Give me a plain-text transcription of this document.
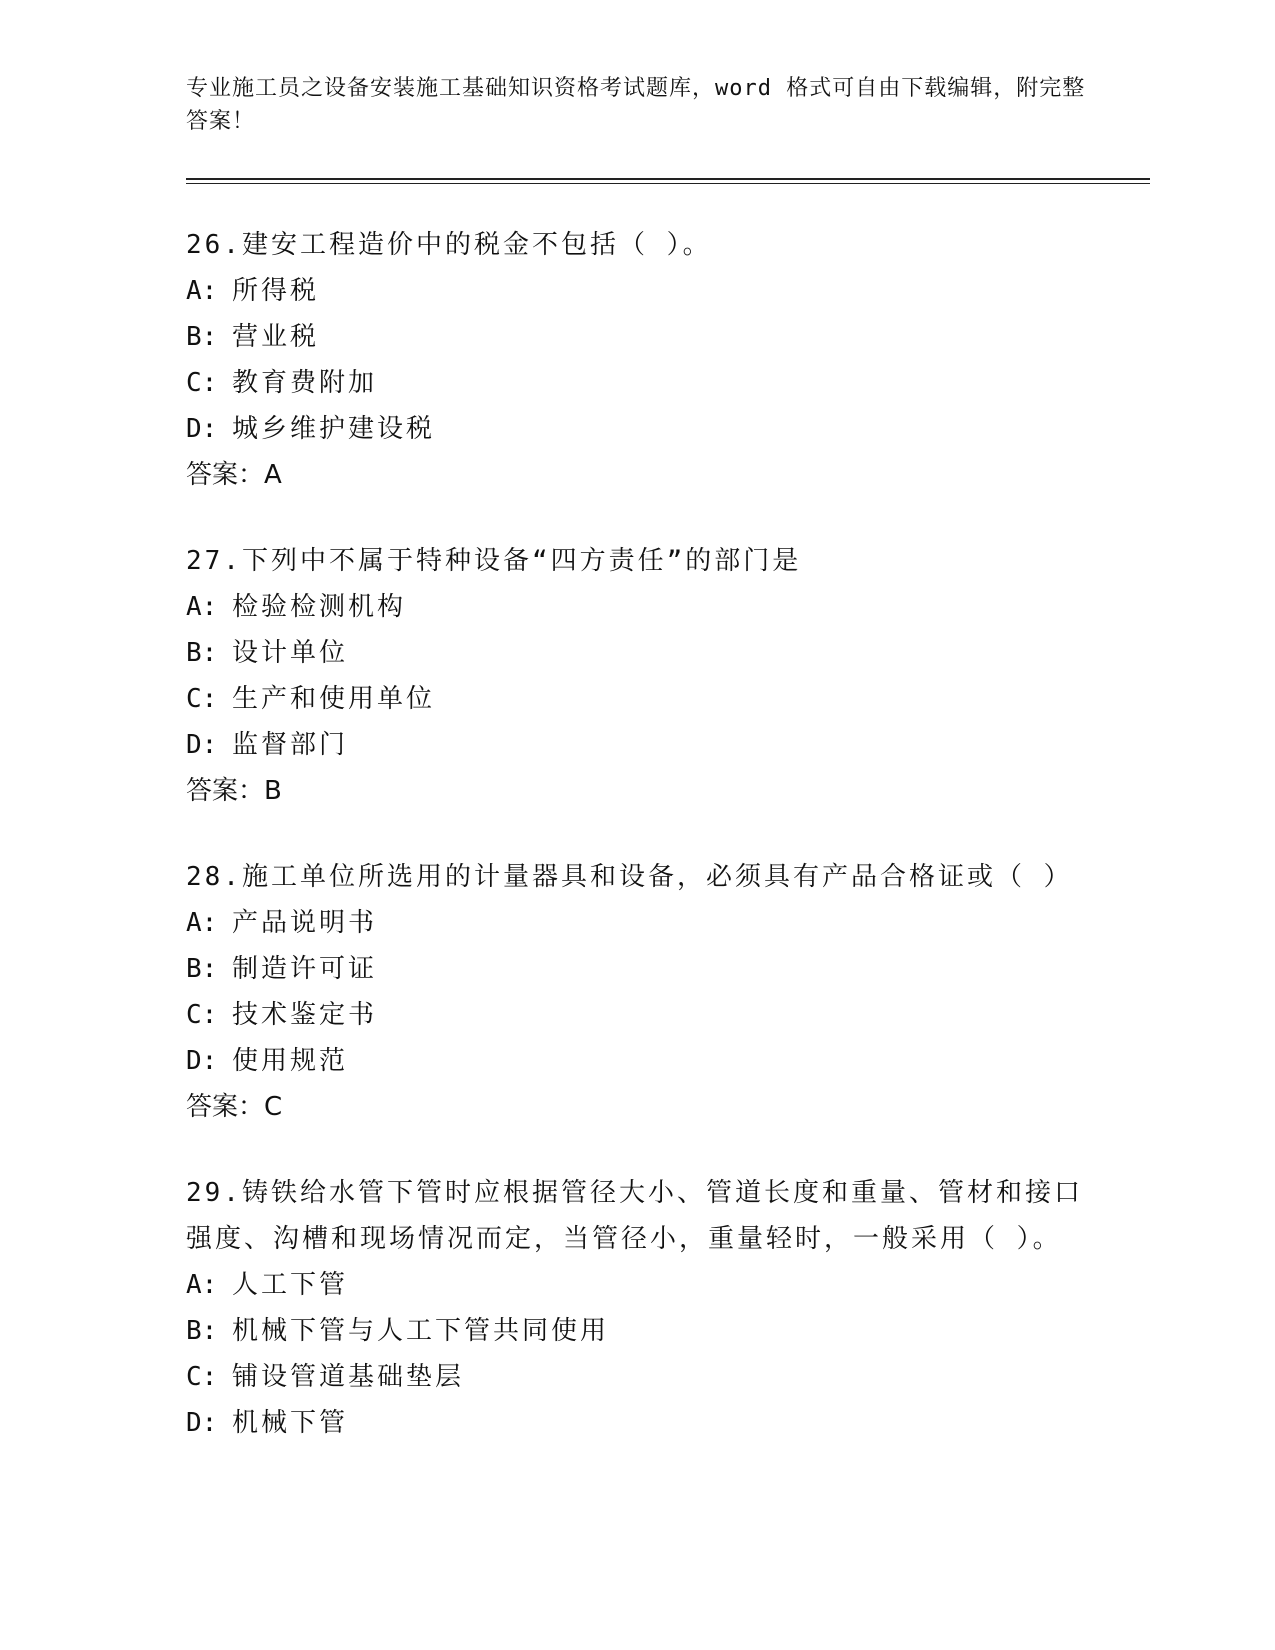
专业施工员之设备安装施工基础知识资格考试题库，word 格式可自由下载编辑，附完整答案！
26.建安工程造价中的税金不包括（ ）。
A: 所得税
B: 营业税
C: 教育费附加
D: 城乡维护建设税
答案：A
27.下列中不属于特种设备“四方责任”的部门是
A: 检验检测机构
B: 设计单位
C: 生产和使用单位
D: 监督部门
答案：B
28.施工单位所选用的计量器具和设备，必须具有产品合格证或（ ）
A: 产品说明书
B: 制造许可证
C: 技术鉴定书
D: 使用规范
答案：C
29.铸铁给水管下管时应根据管径大小、管道长度和重量、管材和接口强度、沟槽和现场情况而定，当管径小，重量轻时，一般采用（ ）。
A: 人工下管
B: 机械下管与人工下管共同使用
C: 铺设管道基础垫层
D: 机械下管
